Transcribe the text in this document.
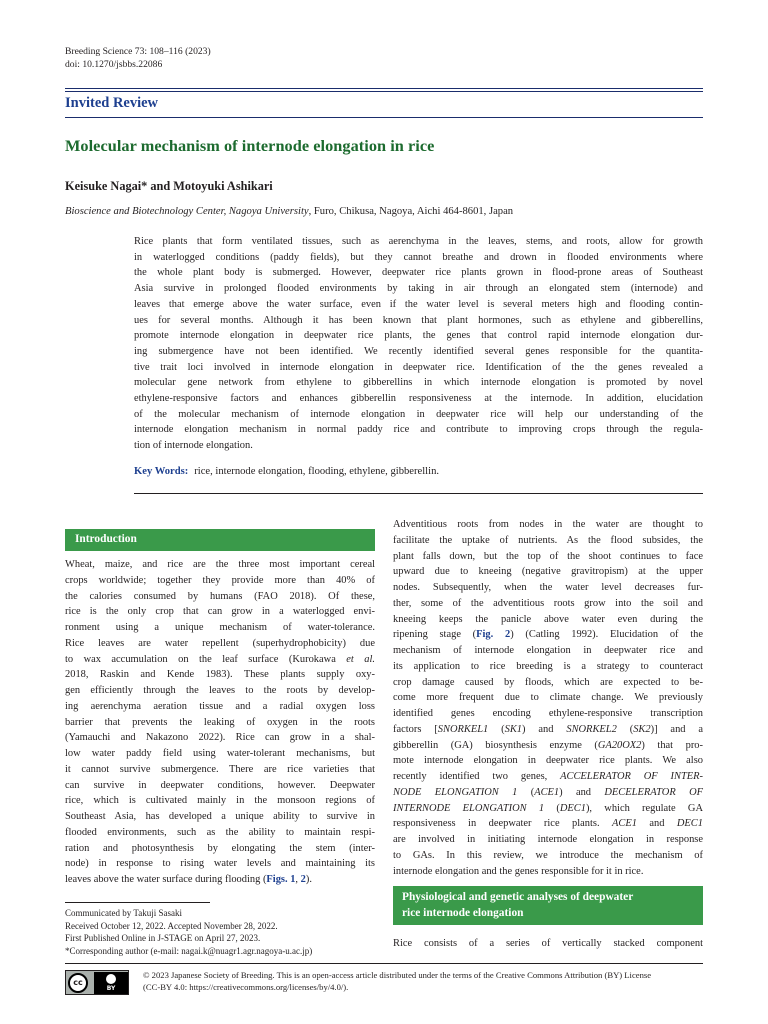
Breeding Science 73: 108–116 (2023)
doi: 10.1270/jsbbs.22086
Invited Review
Molecular mechanism of internode elongation in rice
Keisuke Nagai* and Motoyuki Ashikari
Bioscience and Biotechnology Center, Nagoya University, Furo, Chikusa, Nagoya, Aichi 464-8601, Japan
Rice plants that form ventilated tissues, such as aerenchyma in the leaves, stems, and roots, allow for growth
in waterlogged conditions (paddy fields), but they cannot breathe and drown in flooded environments where
the whole plant body is submerged. However, deepwater rice plants grown in flood-prone areas of Southeast
Asia survive in prolonged flooded environments by taking in air through an elongated stem (internode) and
leaves that emerge above the water surface, even if the water level is several meters high and flooding contin-
ues for several months. Although it has been known that plant hormones, such as ethylene and gibberellins,
promote internode elongation in deepwater rice plants, the genes that control rapid internode elongation dur-
ing submergence have not been identified. We recently identified several genes responsible for the quantita-
tive trait loci involved in internode elongation in deepwater rice. Identification of the the genes revealed a
molecular gene network from ethylene to gibberellins in which internode elongation is promoted by novel
ethylene-responsive factors and enhances gibberellin responsiveness at the internode. In addition, elucidation
of the molecular mechanism of internode elongation in deepwater rice will help our understanding of the
internode elongation mechanism in normal paddy rice and contribute to improving crops through the regula-
tion of internode elongation.
Key Words: rice, internode elongation, flooding, ethylene, gibberellin.
Introduction
Wheat, maize, and rice are the three most important cereal
crops worldwide; together they provide more than 40% of
the calories consumed by humans (FAO 2018). Of these,
rice is the only crop that can grow in a waterlogged envi-
ronment using a unique mechanism of water-tolerance.
Rice leaves are water repellent (superhydrophobicity) due
to wax accumulation on the leaf surface (Kurokawa et al.
2018, Raskin and Kende 1983). These plants supply oxy-
gen efficiently through the leaves to the roots by develop-
ing aerenchyma aeration tissue and a radial oxygen loss
barrier that prevents the leaking of oxygen in the roots
(Yamauchi and Nakazono 2022). Rice can grow in a shal-
low water paddy field using water-tolerant mechanisms, but
it cannot survive submergence. There are rice varieties that
can survive in deepwater conditions, however. Deepwater
rice, which is cultivated mainly in the monsoon regions of
Southeast Asia, has developed a unique ability to survive in
flooded environments, such as the ability to maintain respi-
ration and photosynthesis by elongating the stem (inter-
node) in response to rising water levels and maintaining its
leaves above the water surface during flooding (Figs. 1, 2).
Adventitious roots from nodes in the water are thought to
facilitate the uptake of nutrients. As the flood subsides, the
plant falls down, but the top of the shoot continues to face
upward due to kneeing (negative gravitropism) at the upper
nodes. Subsequently, when the water level decreases fur-
ther, some of the adventitious roots grow into the soil and
kneeing keeps the panicle above water even during the
ripening stage (Fig. 2) (Catling 1992). Elucidation of the
mechanism of internode elongation in deepwater rice and
its application to rice breeding is a strategy to counteract
crop damage caused by floods, which are expected to be-
come more frequent due to climate change. We previously
identified genes encoding ethylene-responsive transcription
factors [SNORKEL1 (SK1) and SNORKEL2 (SK2)] and a
gibberellin (GA) biosynthesis enzyme (GA20OX2) that pro-
mote internode elongation in deepwater rice plants. We also
recently identified two genes, ACCELERATOR OF INTER-
NODE ELONGATION 1 (ACE1) and DECELERATOR OF
INTERNODE ELONGATION 1 (DEC1), which regulate GA
responsiveness in deepwater rice plants. ACE1 and DEC1
are involved in initiating internode elongation in response
to GAs. In this review, we introduce the mechanism of
internode elongation and the genes responsible for it in rice.
Physiological and genetic analyses of deepwater
rice internode elongation
Rice consists of a series of vertically stacked component
Communicated by Takuji Sasaki
Received October 12, 2022. Accepted November 28, 2022.
First Published Online in J-STAGE on April 27, 2023.
*Corresponding author (e-mail: nagai.k@nuagr1.agr.nagoya-u.ac.jp)
cc
BY
© 2023 Japanese Society of Breeding. This is an open-access article distributed under the terms of the Creative Commons Attribution (BY) License
(CC-BY 4.0: https://creativecommons.org/licenses/by/4.0/).
